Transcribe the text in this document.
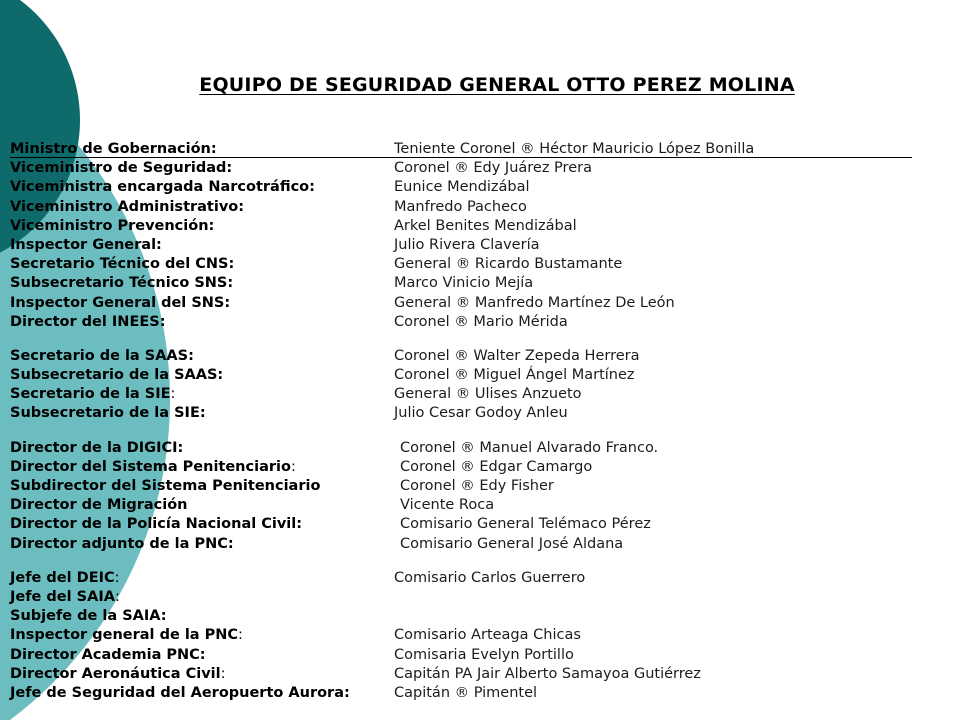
EQUIPO DE SEGURIDAD GENERAL OTTO PEREZ MOLINA
Ministro de Gobernación:	Teniente Coronel ® Héctor Mauricio López Bonilla
Viceministro de Seguridad:	Coronel ® Edy Juárez Prera
Viceministra encargada Narcotráfico:	Eunice Mendizábal
Viceministro Administrativo:	Manfredo Pacheco
Viceministro Prevención:	Arkel Benites Mendizábal
Inspector General:	Julio Rivera Clavería
Secretario Técnico del CNS:	General ® Ricardo Bustamante
Subsecretario Técnico SNS:	Marco Vinicio Mejía
Inspector General del SNS:	General ® Manfredo Martínez De León
Director del INEES:	Coronel ® Mario Mérida
Secretario de la SAAS:	Coronel ® Walter Zepeda Herrera
Subsecretario de la SAAS:	Coronel ® Miguel Ángel Martínez
Secretario de la SIE:	General ® Ulises Anzueto
Subsecretario de la SIE:	Julio Cesar Godoy Anleu
Director de la DIGICI:	Coronel ® Manuel Alvarado Franco.
Director del Sistema Penitenciario:	Coronel ® Edgar Camargo
Subdirector del Sistema Penitenciario	Coronel ® Edy Fisher
Director de Migración	Vicente Roca
Director de la Policía Nacional Civil:	Comisario General Telémaco Pérez
Director adjunto de la PNC:	Comisario General José Aldana
Jefe del DEIC:	Comisario Carlos Guerrero
Jefe del SAIA:
Subjefe de la SAIA:
Inspector general de la PNC:	Comisario Arteaga Chicas
Director Academia PNC:	Comisaria Evelyn Portillo
Director Aeronáutica Civil:	Capitán PA Jair Alberto Samayoa Gutiérrez
Jefe de Seguridad del Aeropuerto Aurora:	Capitán ® Pimentel
